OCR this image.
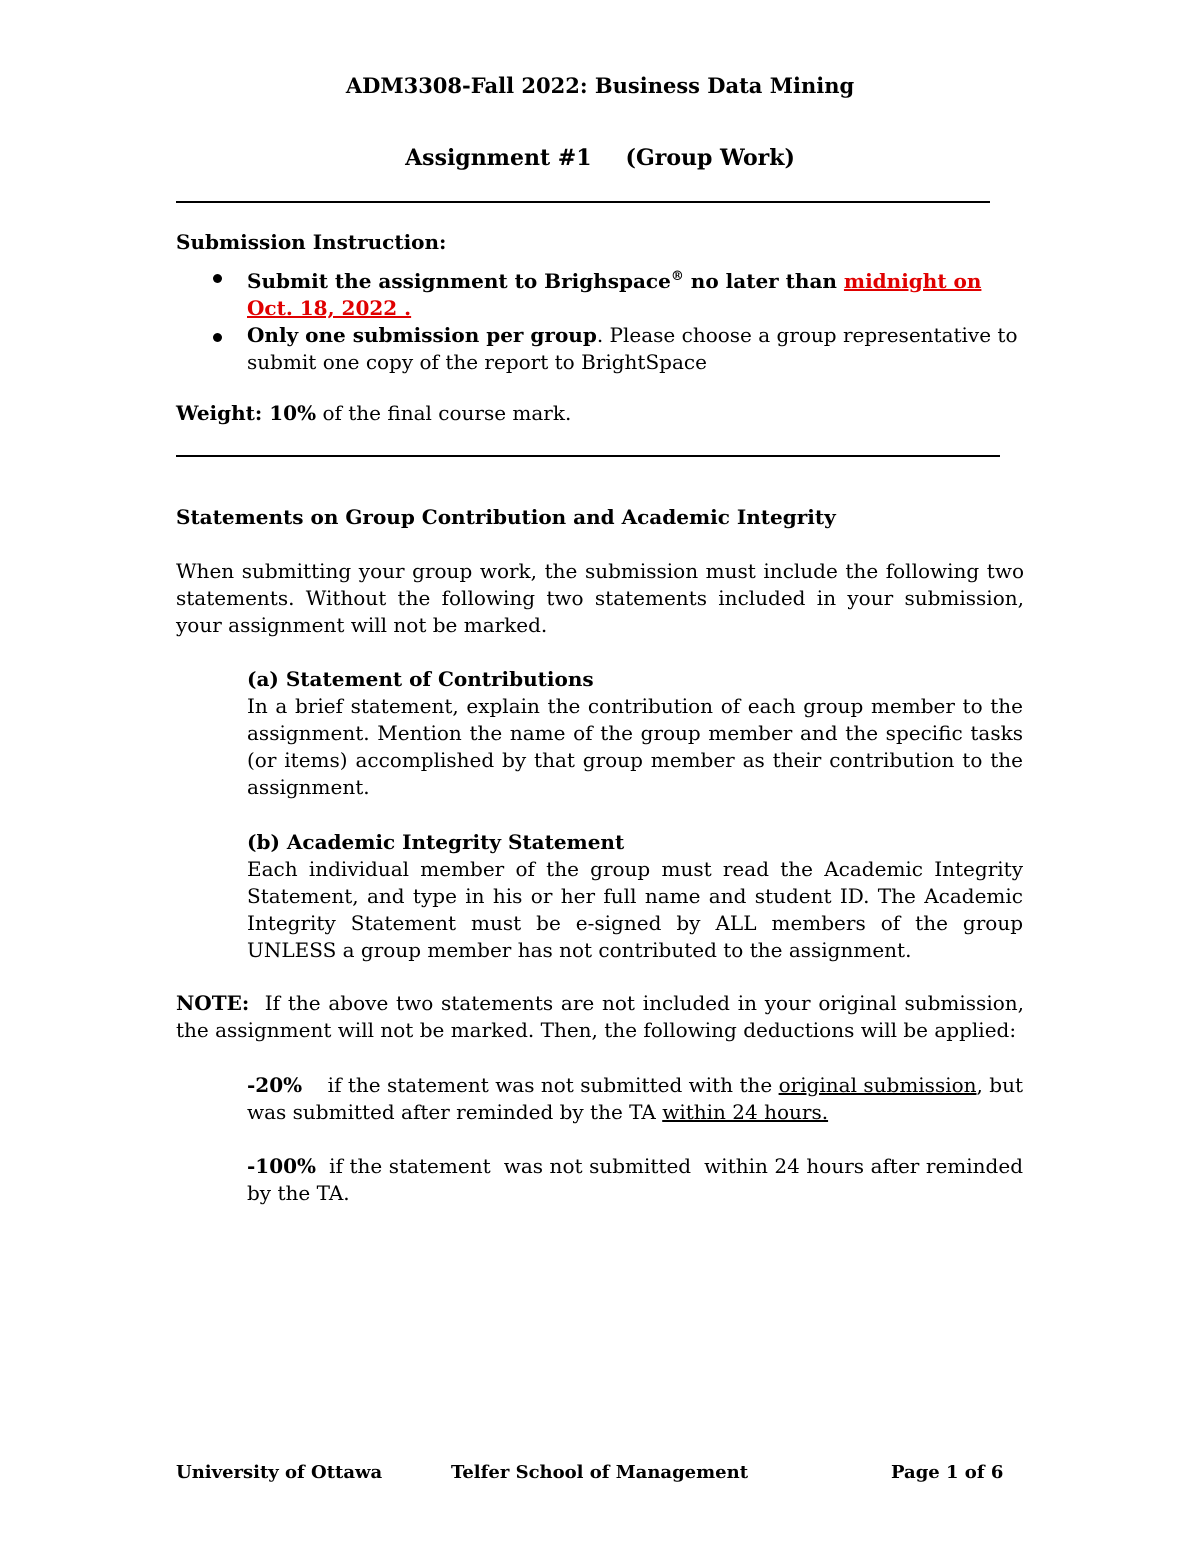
ADM3308-Fall 2022: Business Data Mining
Assignment #1 (Group Work)
Submission Instruction:
Submit the assignment to Brighspace® no later than midnight on Oct. 18, 2022 .
Only one submission per group. Please choose a group representative to submit one copy of the report to BrightSpace
Weight: 10% of the final course mark.
Statements on Group Contribution and Academic Integrity
When submitting your group work, the submission must include the following two statements. Without the following two statements included in your submission, your assignment will not be marked.
(a) Statement of Contributions
In a brief statement, explain the contribution of each group member to the assignment. Mention the name of the group member and the specific tasks (or items) accomplished by that group member as their contribution to the assignment.
(b) Academic Integrity Statement
Each individual member of the group must read the Academic Integrity Statement, and type in his or her full name and student ID. The Academic Integrity Statement must be e-signed by ALL members of the group UNLESS a group member has not contributed to the assignment.
NOTE:  If the above two statements are not included in your original submission, the assignment will not be marked. Then, the following deductions will be applied:
-20%    if the statement was not submitted with the original submission, but was submitted after reminded by the TA within 24 hours.
-100%  if the statement  was not submitted  within 24 hours after reminded by the TA.
University of Ottawa	Telfer School of Management	Page 1 of 6
